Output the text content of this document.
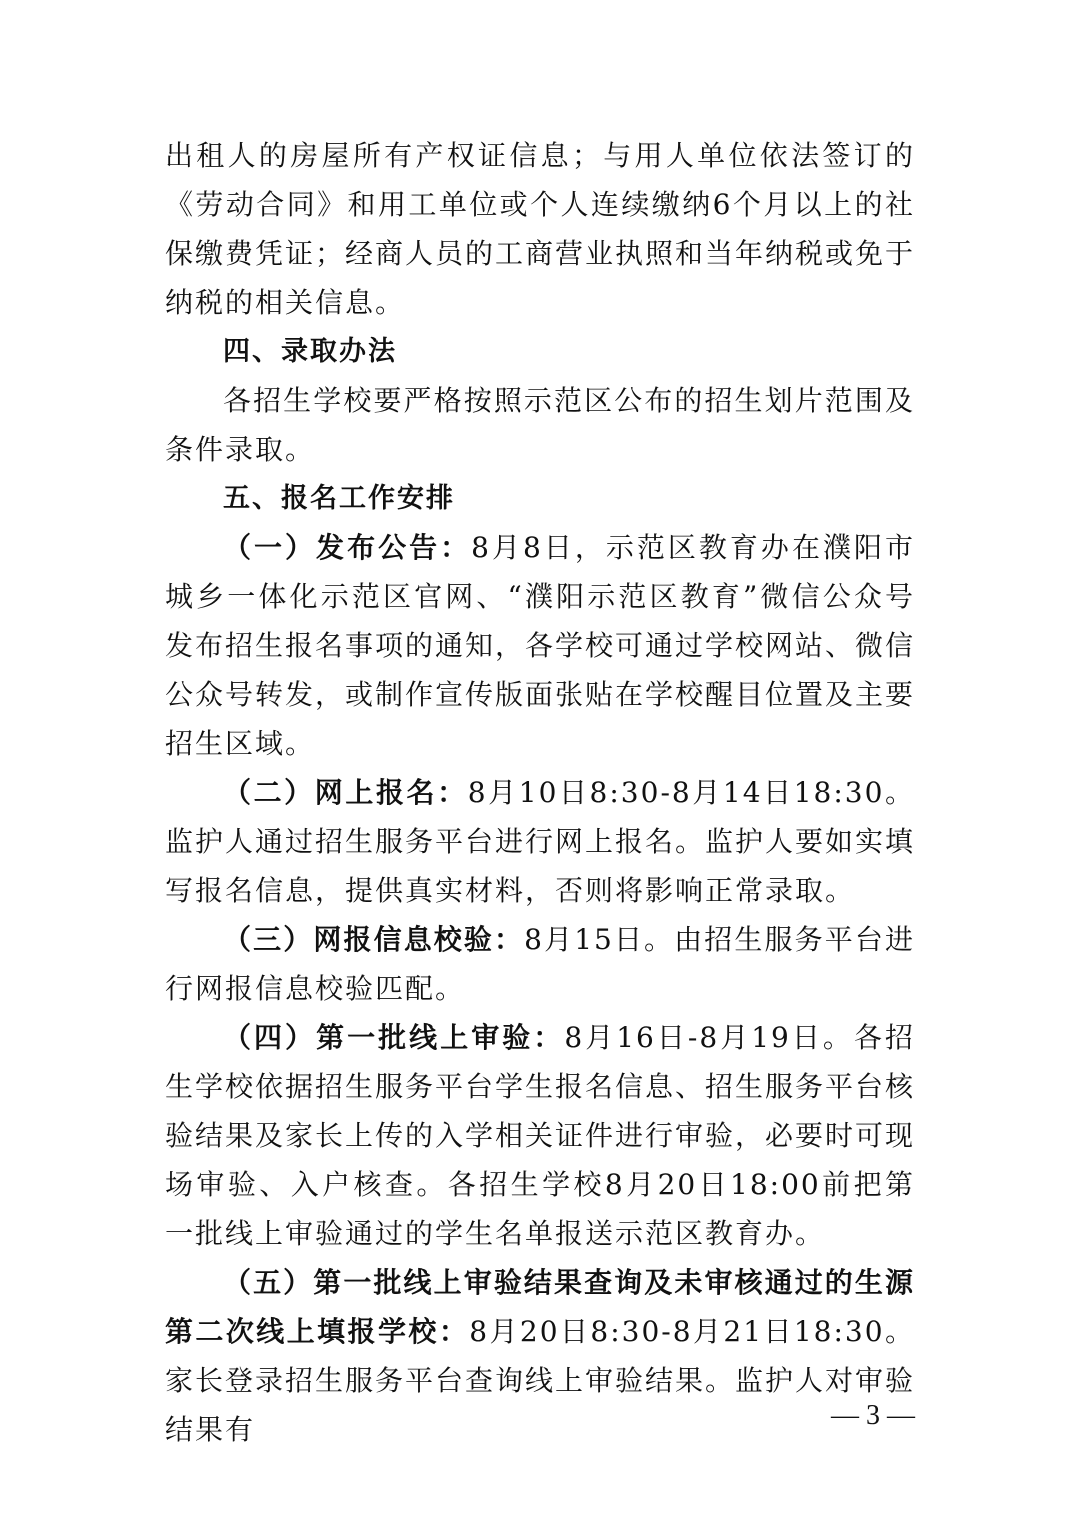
出租人的房屋所有产权证信息；与用人单位依法签订的《劳动合同》和用工单位或个人连续缴纳6个月以上的社保缴费凭证；经商人员的工商营业执照和当年纳税或免于纳税的相关信息。

四、录取办法

各招生学校要严格按照示范区公布的招生划片范围及条件录取。

五、报名工作安排

（一）发布公告：8月8日，示范区教育办在濮阳市城乡一体化示范区官网、“濮阳示范区教育”微信公众号发布招生报名事项的通知，各学校可通过学校网站、微信公众号转发，或制作宣传版面张贴在学校醒目位置及主要招生区域。

（二）网上报名：8月10日8:30-8月14日18:30。监护人通过招生服务平台进行网上报名。监护人要如实填写报名信息，提供真实材料，否则将影响正常录取。

（三）网报信息校验：8月15日。由招生服务平台进行网报信息校验匹配。

（四）第一批线上审验：8月16日-8月19日。各招生学校依据招生服务平台学生报名信息、招生服务平台核验结果及家长上传的入学相关证件进行审验，必要时可现场审验、入户核查。各招生学校8月20日18:00前把第一批线上审验通过的学生名单报送示范区教育办。

（五）第一批线上审验结果查询及未审核通过的生源第二次线上填报学校：8月20日8:30-8月21日18:30。家长登录招生服务平台查询线上审验结果。监护人对审验结果有	— 3 —
